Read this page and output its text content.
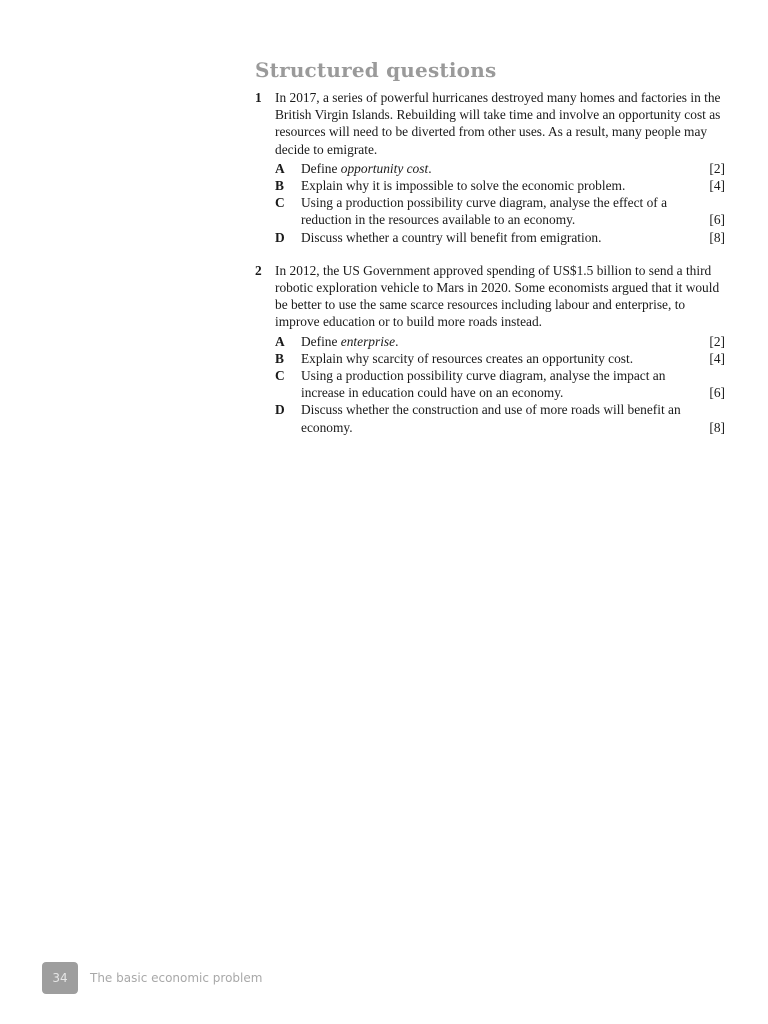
Structured questions
1 In 2017, a series of powerful hurricanes destroyed many homes and factories in the British Virgin Islands. Rebuilding will take time and involve an opportunity cost as resources will need to be diverted from other uses. As a result, many people may decide to emigrate.

A Define opportunity cost.	[2]
B Explain why it is impossible to solve the economic problem.	[4]
C Using a production possibility curve diagram, analyse the effect of a reduction in the resources available to an economy.	[6]
D Discuss whether a country will benefit from emigration.	[8]
2 In 2012, the US Government approved spending of US$1.5 billion to send a third robotic exploration vehicle to Mars in 2020. Some economists argued that it would be better to use the same scarce resources including labour and enterprise, to improve education or to build more roads instead.

A Define enterprise.	[2]
B Explain why scarcity of resources creates an opportunity cost.	[4]
C Using a production possibility curve diagram, analyse the impact an increase in education could have on an economy.	[6]
D Discuss whether the construction and use of more roads will benefit an economy.	[8]
34	The basic economic problem
